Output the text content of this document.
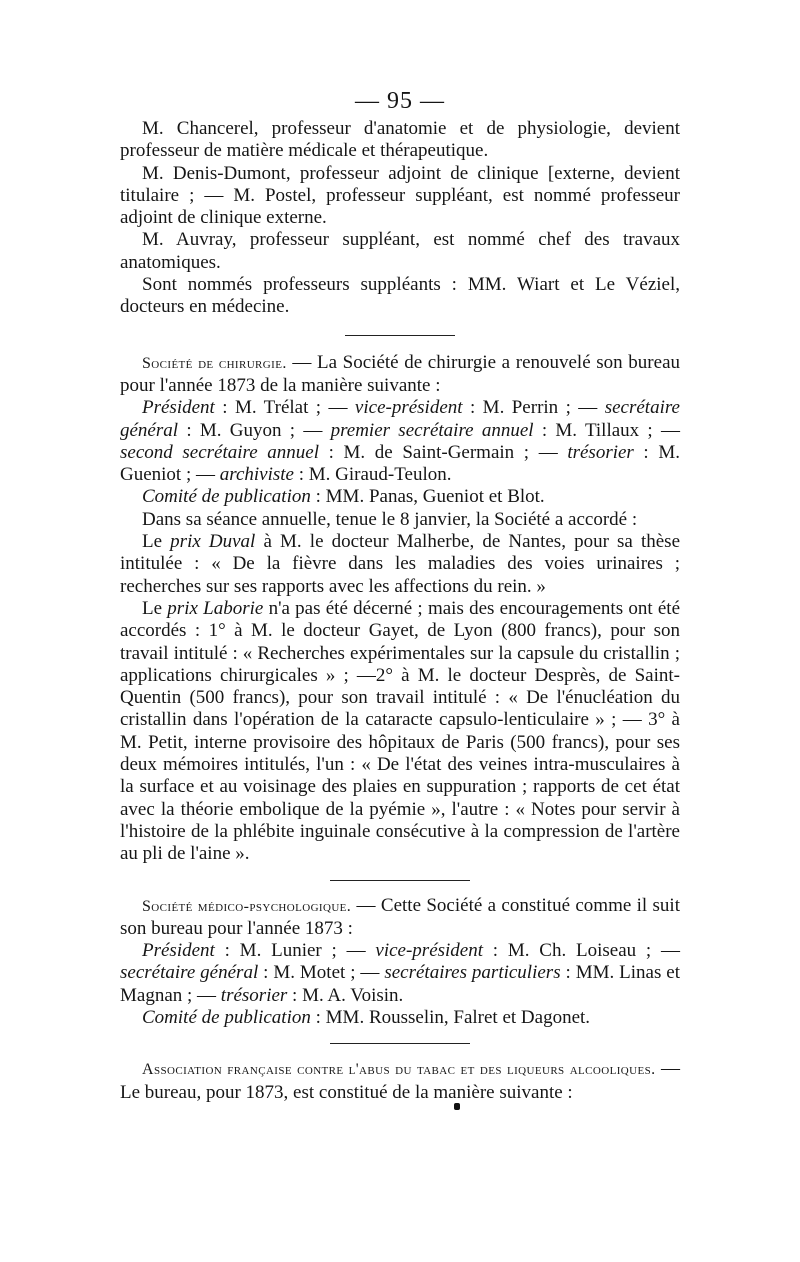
— 95 —

M. Chancerel, professeur d'anatomie et de physiologie, devient professeur de matière médicale et thérapeutique.

M. Denis-Dumont, professeur adjoint de clinique [externe, devient titulaire ; — M. Postel, professeur suppléant, est nommé professeur adjoint de clinique externe.

M. Auvray, professeur suppléant, est nommé chef des travaux anatomiques.

Sont nommés professeurs suppléants : MM. Wiart et Le Véziel, docteurs en médecine.

Société de chirurgie. — La Société de chirurgie a renouvelé son bureau pour l'année 1873 de la manière suivante :

Président : M. Trélat ; — vice-président : M. Perrin ; — secrétaire général : M. Guyon ; — premier secrétaire annuel : M. Tillaux ; — second secrétaire annuel : M. de Saint-Germain ; — trésorier : M. Gueniot ; — archiviste : M. Giraud-Teulon.

Comité de publication : MM. Panas, Gueniot et Blot.

Dans sa séance annuelle, tenue le 8 janvier, la Société a accordé :

Le prix Duval à M. le docteur Malherbe, de Nantes, pour sa thèse intitulée : « De la fièvre dans les maladies des voies urinaires ; recherches sur ses rapports avec les affections du rein. »

Le prix Laborie n'a pas été décerné ; mais des encouragements ont été accordés : 1° à M. le docteur Gayet, de Lyon (800 francs), pour son travail intitulé : « Recherches expérimentales sur la capsule du cristallin ; applications chirurgicales » ; —2° à M. le docteur Desprès, de Saint-Quentin (500 francs), pour son travail intitulé : « De l'énucléation du cristallin dans l'opération de la cataracte capsulo-lenticulaire » ; — 3° à M. Petit, interne provisoire des hôpitaux de Paris (500 francs), pour ses deux mémoires intitulés, l'un : « De l'état des veines intra-musculaires à la surface et au voisinage des plaies en suppuration ; rapports de cet état avec la théorie embolique de la pyémie », l'autre : « Notes pour servir à l'histoire de la phlébite inguinale consécutive à la compression de l'artère au pli de l'aine ».

Société médico-psychologique. — Cette Société a constitué comme il suit son bureau pour l'année 1873 :

Président : M. Lunier ; — vice-président : M. Ch. Loiseau ; — secrétaire général : M. Motet ; — secrétaires particuliers : MM. Linas et Magnan ; — trésorier : M. A. Voisin.

Comité de publication : MM. Rousselin, Falret et Dagonet.

Association française contre l'abus du tabac et des liqueurs alcooliques. — Le bureau, pour 1873, est constitué de la manière suivante :
